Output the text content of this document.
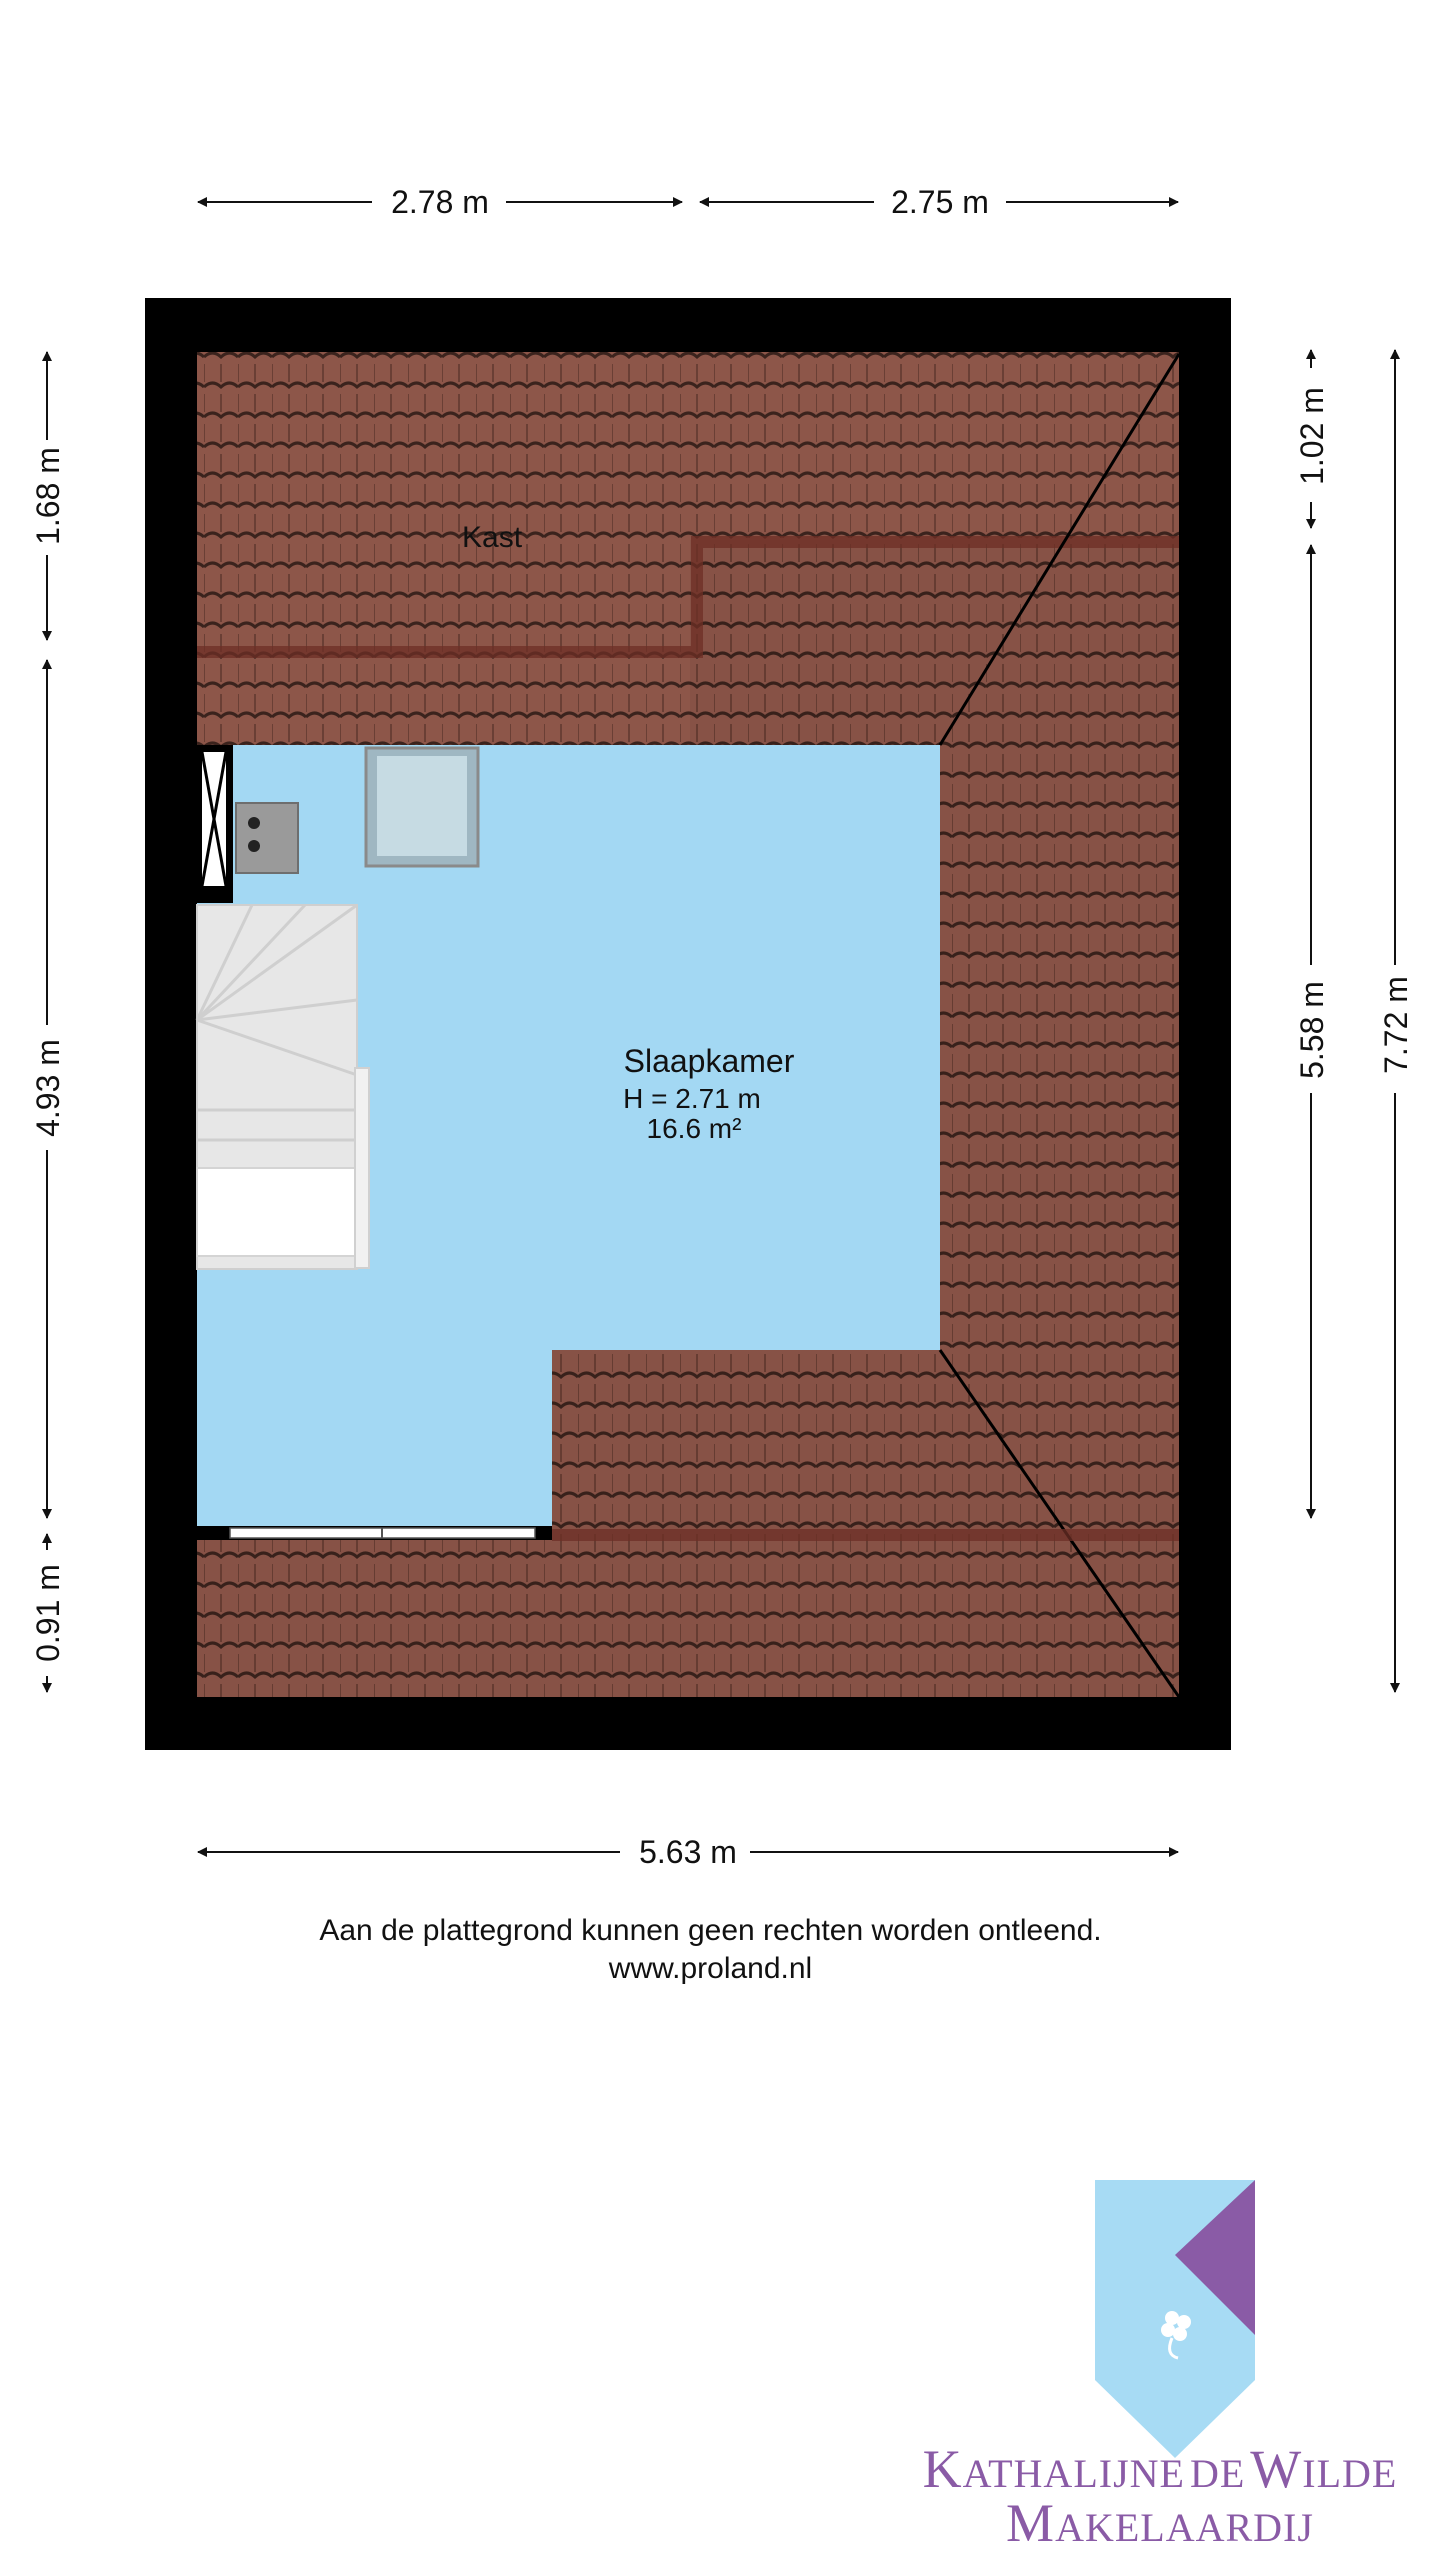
2.78 m	2.75 m
1.68 m
4.93 m
0.91 m
1.02 m
5.58 m 7.72 m
5.63 m
Kast
Slaapkamer
H = 2.71 m
16.6 m²
Aan de plattegrond kunnen geen rechten worden ontleend.
www.proland.nl
KATHALIJNE DE WILDE
MAKELAARDIJ
